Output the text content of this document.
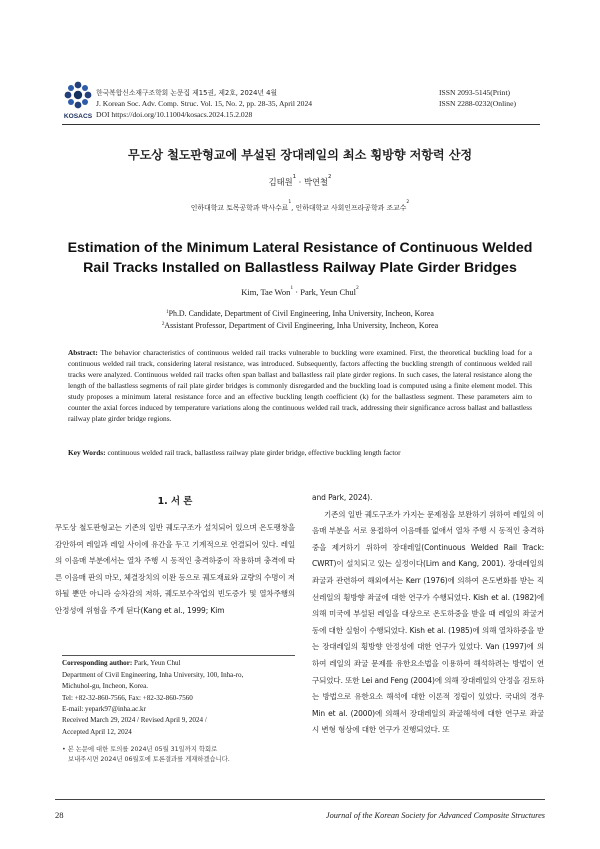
KOSACS
한국복합신소재구조학회 논문집 제15권, 제2호, 2024년 4월
J. Korean Soc. Adv. Comp. Struc. Vol. 15, No. 2, pp. 28-35, April 2024
DOI https://doi.org/10.11004/kosacs.2024.15.2.028
ISSN 2093-5145(Print)
ISSN 2288-0232(Online)
무도상 철도판형교에 부설된 장대레일의 최소 횡방향 저항력 산정
김태원$^1$ · 박연철$^2$
인하대학교 토목공학과 박사수료$^1$, 인하대학교 사회인프라공학과 조교수$^2$
Estimation of the Minimum Lateral Resistance of Continuous Welded
Rail Tracks Installed on Ballastless Railway Plate Girder Bridges
Kim, Tae Won$^1$ · Park, Yeun Chul$^2$
$^1$Ph.D. Candidate, Department of Civil Engineering, Inha University, Incheon, Korea
$^2$Assistant Professor, Department of Civil Engineering, Inha University, Incheon, Korea
Abstract: The behavior characteristics of continuous welded rail tracks vulnerable to buckling were examined. First, the theoretical buckling load for a continuous welded rail track, considering lateral resistance, was introduced. Subsequently, factors affecting the buckling strength of continuous welded rail tracks were analyzed. Continuous welded rail tracks often span ballast and ballastless rail plate girder regions. In such cases, the lateral resistance along the length of the ballastless segments of rail plate girder bridges is commonly disregarded and the buckling load is computed using a finite element model. This study proposes a minimum lateral resistance force and an effective buckling length coefficient (k) for the ballastless segment. These parameters aim to counter the axial forces induced by temperature variations along the continuous welded rail track, addressing their significance across ballast and ballastless railway plate girder bridge regions.
Key Words: continuous welded rail track, ballastless railway plate girder bridge, effective buckling length factor
1. 서 론

무도상 철도판형교는 기존의 일반 궤도구조가 설치되어 있으며 온도팽창을 감안하여 레일과 레일 사이에 유간을 두고 기계적으로 연결되어 있다. 레일의 이음매 부분에서는 열차 주행 시 동적인 충격하중이 작용하며 충격에 따른 이음매 판의 마모, 체결장치의 이완 등으로 궤도재료와 교량의 수명이 저하될 뿐만 아니라 승차감의 저하, 궤도보수작업의 빈도증가 및 열차주행의 안정성에 위험을 주게 된다(Kang et al., 1999; Kim

Corresponding author: Park, Yeun Chul
Department of Civil Engineering, Inha University, 100, Inha-ro,
Michuhol-gu, Incheon, Korea.
Tel: +82-32-860-7566, Fax: +82-32-860-7560
E-mail: yepark97@inha.ac.kr
Received March 29, 2024 / Revised April 9, 2024 /
Accepted April 12, 2024
• 본 논문에 대한 토의를 2024년 05월 31일까지 학회로
보내주시면 2024년 06월호에 토론결과를 게재하겠습니다.

and Park, 2024).

기존의 일반 궤도구조가 가지는 문제점을 보완하기 위하여 레일의 이음매 부분을 서로 용접하여 이음매를 없애서 열차 주행 시 동적인 충격하중을 제거하기 위하여 장대레일(Continuous Welded Rail Track: CWRT)이 설치되고 있는 실정이다(Lim and Kang, 2001). 장대레일의 좌굴과 관련하여 해외에서는 Kerr (1976)에 의하여 온도변화를 받는 직선레일의 횡방향 좌굴에 대한 연구가 수행되었다. Kish et al. (1982)에 의해 미국에 부설된 레일을 대상으로 온도하중을 받을 때 레일의 좌굴거동에 대한 실험이 수행되었다. Kish et al. (1985)에 의해 열차하중을 받는 장대레일의 횡방향 안정성에 대한 연구가 있었다. Van (1997)에 의하여 레일의 좌굴 문제를 유한요소법을 이용하여 해석하려는 방법이 연구되었다. 또한 Lei and Feng (2004)에 의해 장대레일의 안정을 검토하는 방법으로 유한요소 해석에 대한 이론적 정립이 있었다. 국내의 경우 Min et al. (2000)에 의해서 장대레일의 좌굴해석에 대한 연구로 좌굴 시 변형 형상에 대한 연구가 진행되었다. 또

28	Journal of the Korean Society for Advanced Composite Structures
